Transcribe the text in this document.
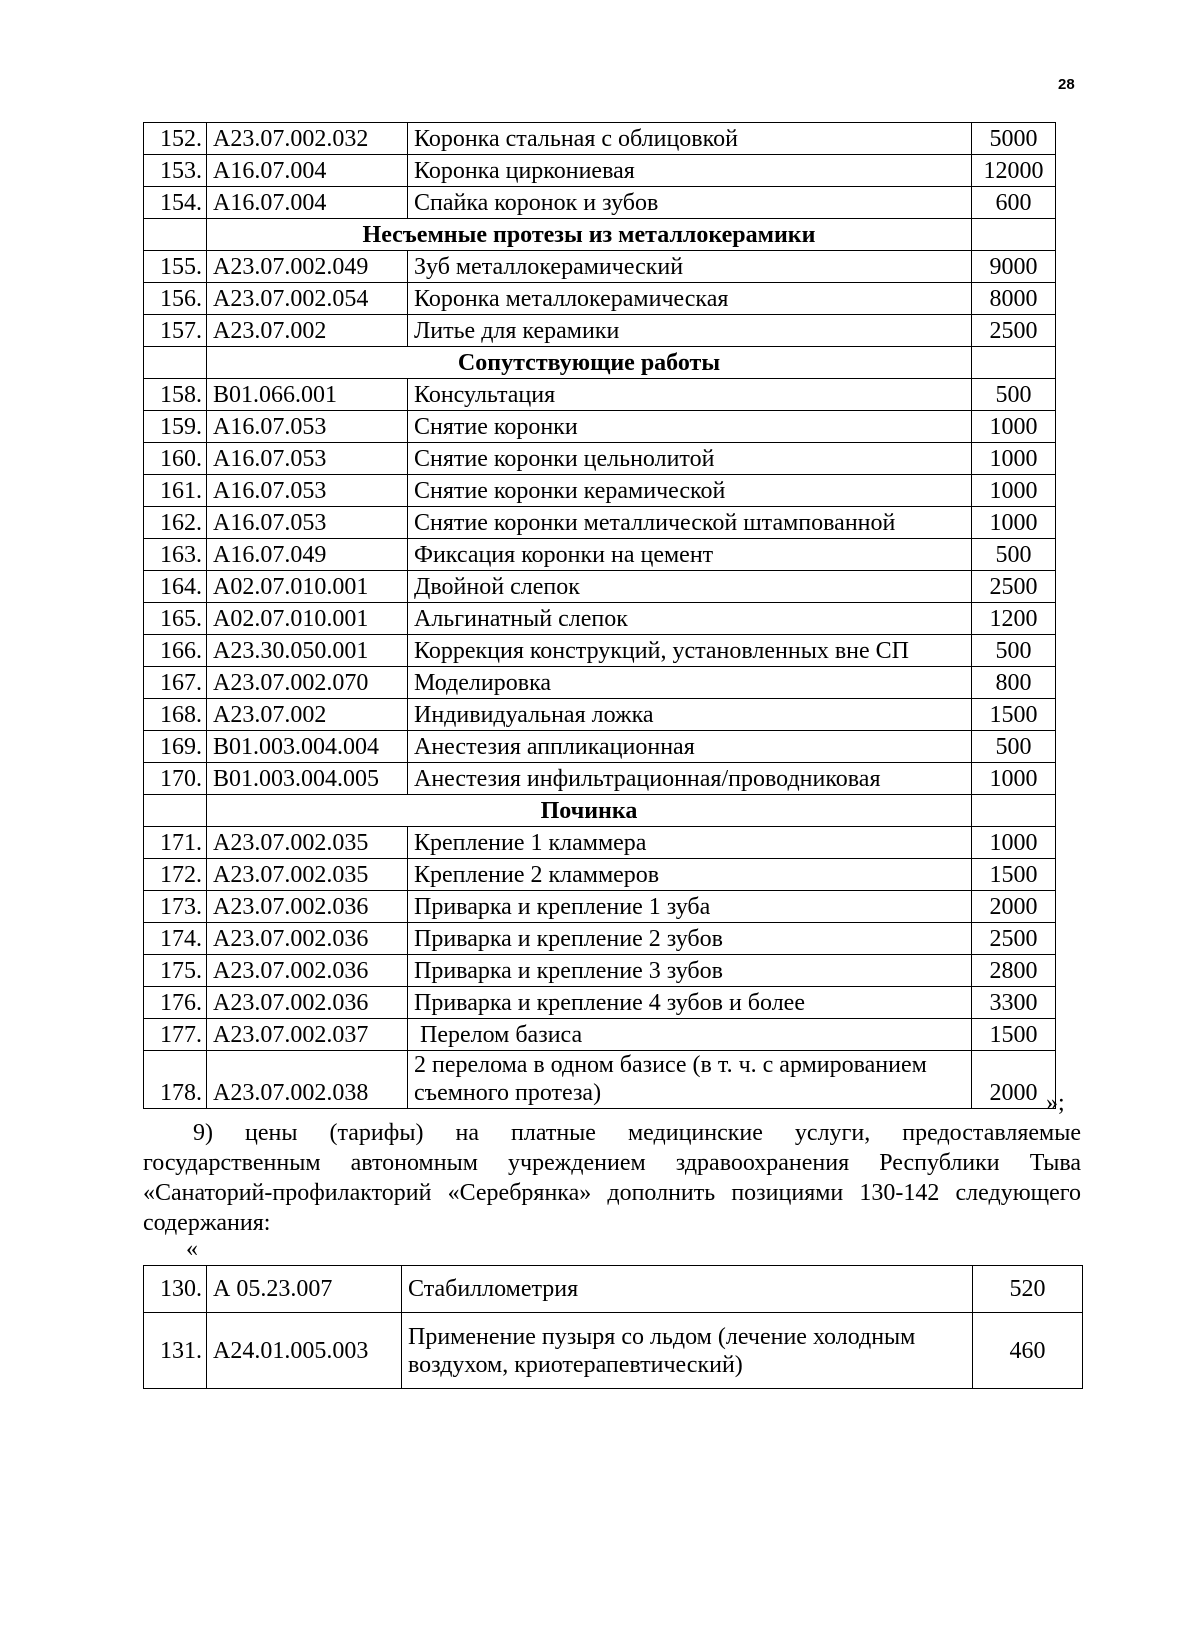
28
152.	A23.07.002.032	Коронка стальная с облицовкой	5000
153.	A16.07.004	Коронка циркониевая	12000
154.	A16.07.004	Спайка коронок и зубов	600
	Несъемные протезы из металлокерамики		
155.	A23.07.002.049	Зуб металлокерамический	9000
156.	A23.07.002.054	Коронка металлокерамическая	8000
157.	A23.07.002	Литье для керамики	2500
	Сопутствующие работы		
158.	B01.066.001	Консультация	500
159.	A16.07.053	Снятие коронки	1000
160.	A16.07.053	Снятие коронки цельнолитой	1000
161.	A16.07.053	Снятие коронки керамической	1000
162.	A16.07.053	Снятие коронки металлической штампованной	1000
163.	A16.07.049	Фиксация коронки на цемент	500
164.	A02.07.010.001	Двойной слепок	2500
165.	A02.07.010.001	Альгинатный слепок	1200
166.	A23.30.050.001	Коррекция конструкций, установленных вне СП	500
167.	A23.07.002.070	Моделировка	800
168.	A23.07.002	Индивидуальная ложка	1500
169.	B01.003.004.004	Анестезия аппликационная	500
170.	B01.003.004.005	Анестезия инфильтрационная/проводниковая	1000
	Починка		
171.	A23.07.002.035	Крепление 1 кламмера	1000
172.	A23.07.002.035	Крепление 2 кламмеров	1500
173.	A23.07.002.036	Приварка и крепление 1 зуба	2000
174.	A23.07.002.036	Приварка и крепление 2 зубов	2500
175.	A23.07.002.036	Приварка и крепление 3 зубов	2800
176.	A23.07.002.036	Приварка и крепление 4 зубов и более	3300
177.	A23.07.002.037	Перелом базиса	1500
178.	A23.07.002.038	2 перелома в одном базисе (в т. ч. с армированием съемного протеза)	2000 »;

9) цены (тарифы) на платные медицинские услуги, предоставляемые государственным автономным учреждением здравоохранения Республики Тыва «Санаторий-профилакторий «Серебрянка» дополнить позициями 130-142 следующего содержания:

«
130.	А 05.23.007	Стабиллометрия	520
131.	A24.01.005.003	Применение пузыря со льдом (лечение холодным воздухом, криотерапевтический)	460
